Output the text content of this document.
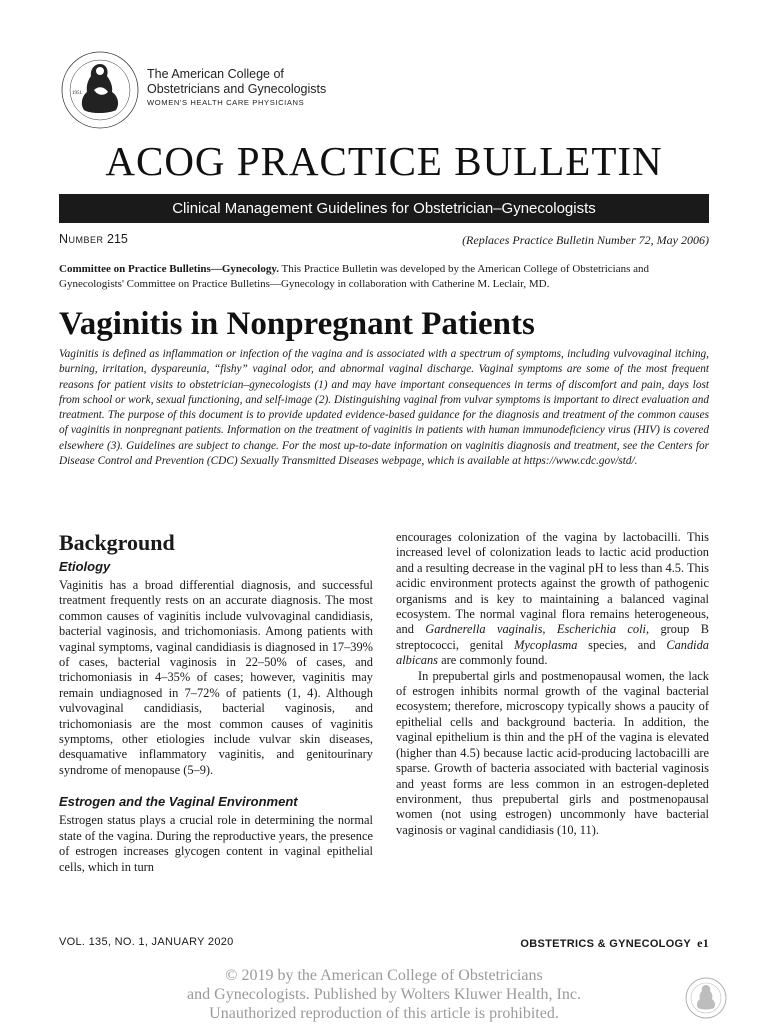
1951
The American College of
Obstetricians and Gynecologists
WOMEN'S HEALTH CARE PHYSICIANS
ACOG PRACTICE BULLETIN
Clinical Management Guidelines for Obstetrician–Gynecologists
Number 215	(Replaces Practice Bulletin Number 72, May 2006)
Committee on Practice Bulletins—Gynecology. This Practice Bulletin was developed by the American College of Obstetricians and Gynecologists' Committee on Practice Bulletins—Gynecology in collaboration with Catherine M. Leclair, MD.
Vaginitis in Nonpregnant Patients
Vaginitis is defined as inflammation or infection of the vagina and is associated with a spectrum of symptoms, including vulvovaginal itching, burning, irritation, dyspareunia, “fishy” vaginal odor, and abnormal vaginal discharge. Vaginal symptoms are some of the most frequent reasons for patient visits to obstetrician–gynecologists (1) and may have important consequences in terms of discomfort and pain, days lost from school or work, sexual functioning, and self-image (2). Distinguishing vaginal from vulvar symptoms is important to direct evaluation and treatment. The purpose of this document is to provide updated evidence-based guidance for the diagnosis and treatment of the common causes of vaginitis in nonpregnant patients. Information on the treatment of vaginitis in patients with human immunodeficiency virus (HIV) is covered elsewhere (3). Guidelines are subject to change. For the most up-to-date information on vaginitis diagnosis and treatment, see the Centers for Disease Control and Prevention (CDC) Sexually Transmitted Diseases webpage, which is available at https://www.cdc.gov/std/.
Background
Etiology

Vaginitis has a broad differential diagnosis, and successful treatment frequently rests on an accurate diagnosis. The most common causes of vaginitis include vulvovaginal candidiasis, bacterial vaginosis, and trichomoniasis. Among patients with vaginal symptoms, vaginal candidiasis is diagnosed in 17–39% of cases, bacterial vaginosis in 22–50% of cases, and trichomoniasis in 4–35% of cases; however, vaginitis may remain undiagnosed in 7–72% of patients (1, 4). Although vulvovaginal candidiasis, bacterial vaginosis, and trichomoniasis are the most common causes of vaginitis symptoms, other etiologies include vulvar skin diseases, desquamative inflammatory vaginitis, and genitourinary syndrome of menopause (5–9).

Estrogen and the Vaginal Environment

Estrogen status plays a crucial role in determining the normal state of the vagina. During the reproductive years, the presence of estrogen increases glycogen content in vaginal epithelial cells, which in turn

encourages colonization of the vagina by lactobacilli. This increased level of colonization leads to lactic acid production and a resulting decrease in the vaginal pH to less than 4.5. This acidic environment protects against the growth of pathogenic organisms and is key to maintaining a balanced vaginal ecosystem. The normal vaginal flora remains heterogeneous, and Gardnerella vaginalis, Escherichia coli, group B streptococci, genital Mycoplasma species, and Candida albicans are commonly found.

In prepubertal girls and postmenopausal women, the lack of estrogen inhibits normal growth of the vaginal bacterial ecosystem; therefore, microscopy typically shows a paucity of epithelial cells and background bacteria. In addition, the vaginal epithelium is thin and the pH of the vagina is elevated (higher than 4.5) because lactic acid-producing lactobacilli are sparse. Growth of bacteria associated with bacterial vaginosis and yeast forms are less common in an estrogen-depleted environment, thus prepubertal girls and postmenopausal women (not using estrogen) uncommonly have bacterial vaginosis or vaginal candidiasis (10, 11).

VOL. 135, NO. 1, JANUARY 2020	OBSTETRICS & GYNECOLOGY e1
© 2019 by the American College of Obstetricians
and Gynecologists. Published by Wolters Kluwer Health, Inc.
Unauthorized reproduction of this article is prohibited.
